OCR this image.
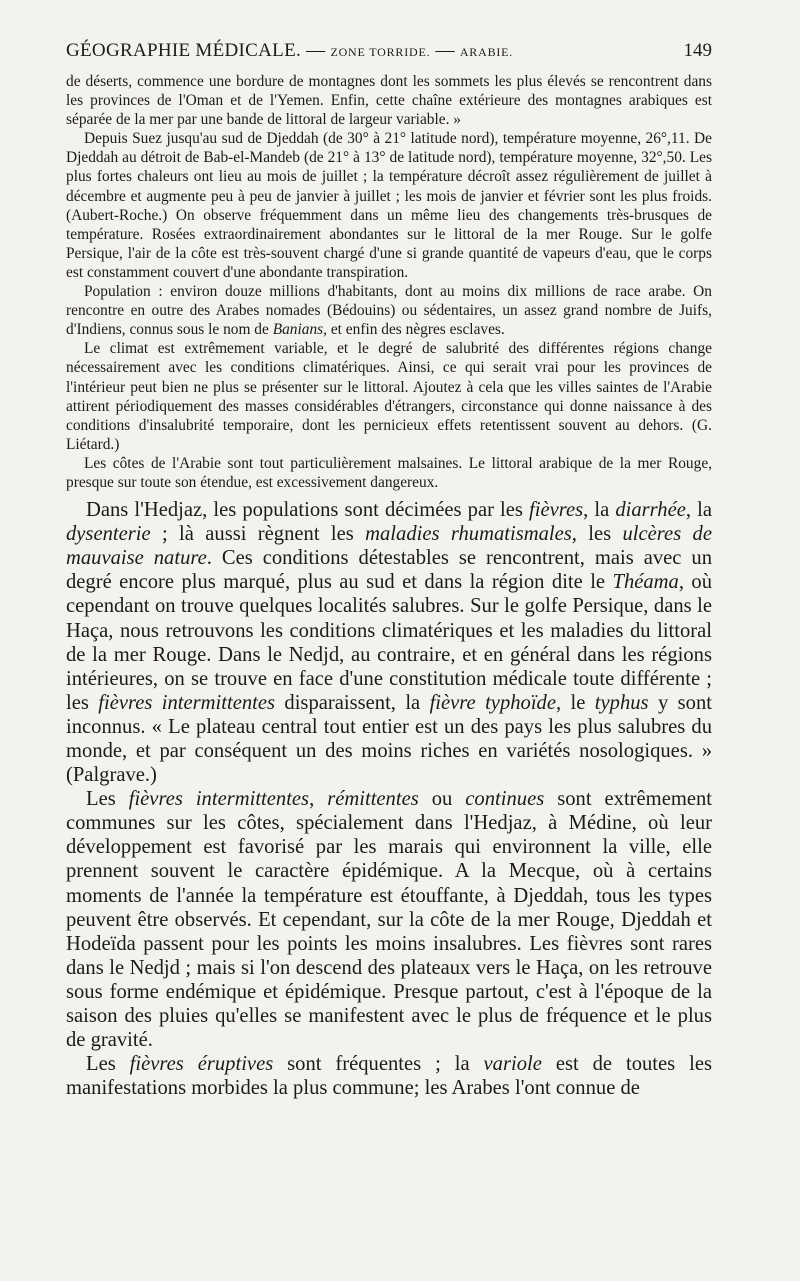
GÉOGRAPHIE MÉDICALE. — ZONE TORRIDE. — ARABIE.	149

de déserts, commence une bordure de montagnes dont les sommets les plus élevés se rencontrent dans les provinces de l'Oman et de l'Yemen. Enfin, cette chaîne extérieure des montagnes arabiques est séparée de la mer par une bande de littoral de largeur variable. »

Depuis Suez jusqu'au sud de Djeddah (de 30° à 21° latitude nord), température moyenne, 26°,11. De Djeddah au détroit de Bab-el-Mandeb (de 21° à 13° de latitude nord), température moyenne, 32°,50. Les plus fortes chaleurs ont lieu au mois de juillet ; la température décroît assez régulièrement de juillet à décembre et augmente peu à peu de janvier à juillet ; les mois de janvier et février sont les plus froids. (Aubert-Roche.) On observe fréquemment dans un même lieu des changements très-brusques de température. Rosées extraordinairement abondantes sur le littoral de la mer Rouge. Sur le golfe Persique, l'air de la côte est très-souvent chargé d'une si grande quantité de vapeurs d'eau, que le corps est constamment couvert d'une abondante transpiration.

Population : environ douze millions d'habitants, dont au moins dix millions de race arabe. On rencontre en outre des Arabes nomades (Bédouins) ou sédentaires, un assez grand nombre de Juifs, d'Indiens, connus sous le nom de Banians, et enfin des nègres esclaves.

Le climat est extrêmement variable, et le degré de salubrité des différentes régions change nécessairement avec les conditions climatériques. Ainsi, ce qui serait vrai pour les provinces de l'intérieur peut bien ne plus se présenter sur le littoral. Ajoutez à cela que les villes saintes de l'Arabie attirent périodiquement des masses considérables d'étrangers, circonstance qui donne naissance à des conditions d'insalubrité temporaire, dont les pernicieux effets retentissent souvent au dehors. (G. Liétard.)

Les côtes de l'Arabie sont tout particulièrement malsaines. Le littoral arabique de la mer Rouge, presque sur toute son étendue, est excessivement dangereux.

Dans l'Hedjaz, les populations sont décimées par les fièvres, la diarrhée, la dysenterie ; là aussi règnent les maladies rhumatismales, les ulcères de mauvaise nature. Ces conditions détestables se rencontrent, mais avec un degré encore plus marqué, plus au sud et dans la région dite le Théama, où cependant on trouve quelques localités salubres. Sur le golfe Persique, dans le Haça, nous retrouvons les conditions climatériques et les maladies du littoral de la mer Rouge. Dans le Nedjd, au contraire, et en général dans les régions intérieures, on se trouve en face d'une constitution médicale toute différente ; les fièvres intermittentes disparaissent, la fièvre typhoïde, le typhus y sont inconnus. « Le plateau central tout entier est un des pays les plus salubres du monde, et par conséquent un des moins riches en variétés nosologiques. » (Palgrave.)

Les fièvres intermittentes, rémittentes ou continues sont extrêmement communes sur les côtes, spécialement dans l'Hedjaz, à Médine, où leur développement est favorisé par les marais qui environnent la ville, elle prennent souvent le caractère épidémique. A la Mecque, où à certains moments de l'année la température est étouffante, à Djeddah, tous les types peuvent être observés. Et cependant, sur la côte de la mer Rouge, Djeddah et Hodeïda passent pour les points les moins insalubres. Les fièvres sont rares dans le Nedjd ; mais si l'on descend des plateaux vers le Haça, on les retrouve sous forme endémique et épidémique. Presque partout, c'est à l'époque de la saison des pluies qu'elles se manifestent avec le plus de fréquence et le plus de gravité.

Les fièvres éruptives sont fréquentes ; la variole est de toutes les manifestations morbides la plus commune; les Arabes l'ont connue de
